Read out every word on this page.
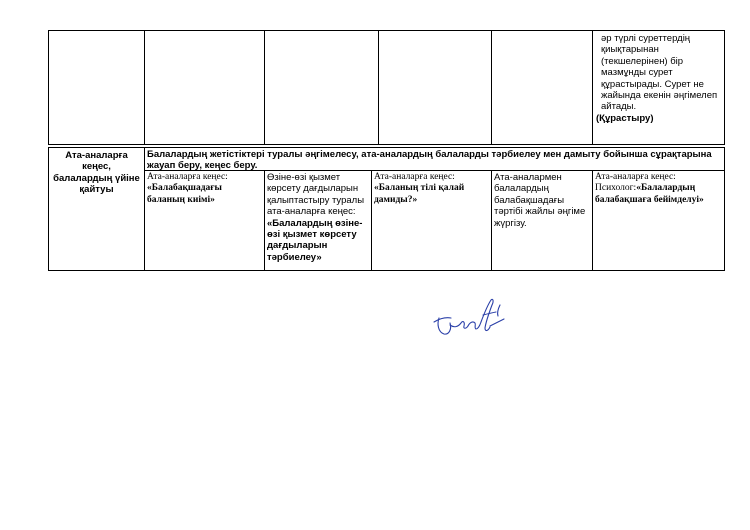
әр түрлі суреттердің қиықтарынан (текшелерінен) бір мазмұнды сурет құрастырады. Сурет не жайында екенін әңгімелеп айтады.
(Құрастыру)
Ата-аналарға кеңес, балалардың үйіне қайтуы
Балалардың жетістіктері туралы әңгімелесу, ата-аналардың балаларды тәрбиелеу мен дамыту бойынша сұрақтарына жауап беру, кеңес беру.
Ата-аналарға кеңес:
«Балабақшадағы баланың киімі»
Өзіне-өзі қызмет көрсету дағдыларын қалыптастыру туралы ата-аналарға кеңес:
«Балалардың өзіне-өзі қызмет көрсету дағдыларын тәрбиелеу»
Ата-аналарға кеңес:
«Баланың тілі қалай дамиды?»
Ата-аналармен балалардың балабақшадағы тәртібі жайлы әңгіме жүргізу.
Ата-аналарға кеңес: Психолог:«Балалардың балабақшаға бейімделуі»
